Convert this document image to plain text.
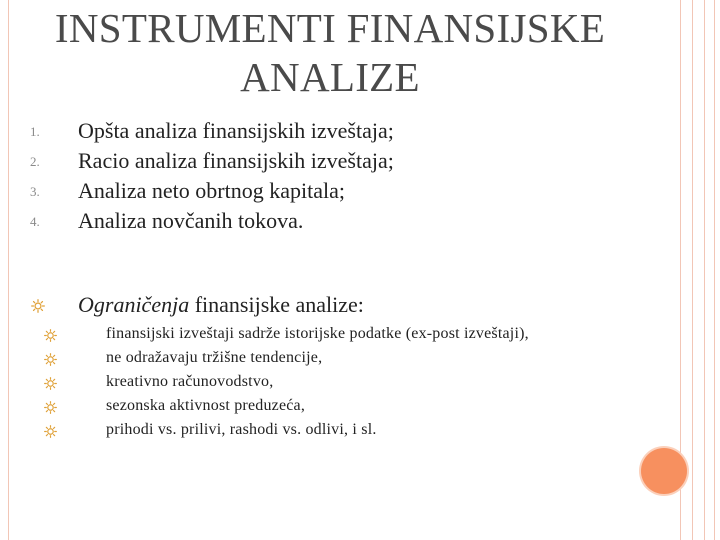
INSTRUMENTI FINANSIJSKE ANALIZE
1. Opšta analiza finansijskih izveštaja;
2. Racio analiza finansijskih izveštaja;
3. Analiza neto obrtnog kapitala;
4. Analiza novčanih tokova.
Ograničenja finansijske analize:
finansijski izveštaji sadrže istorijske podatke (ex-post izveštaji),
ne odražavaju tržišne tendencije,
kreativno računovodstvo,
sezonska aktivnost preduzeća,
prihodi vs. prilivi, rashodi vs. odlivi, i sl.
